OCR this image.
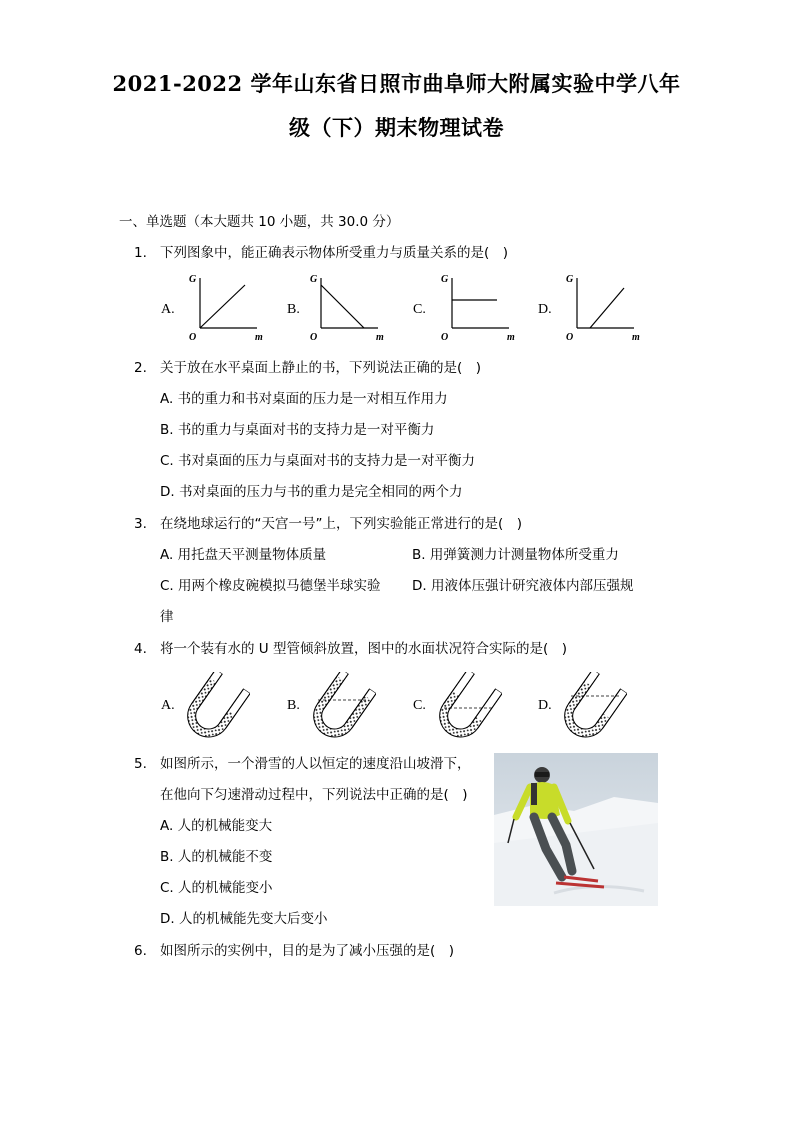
2021-2022 学年山东省日照市曲阜师大附属实验中学八年
级（下）期末物理试卷
一、单选题（本大题共 10 小题，共 30.0 分）
1. 下列图象中，能正确表示物体所受重力与质量关系的是(　)
A.
G
O	m
B.
G
O	m
C.
G
O	m
D.
G
O	m
2. 关于放在水平桌面上静止的书，下列说法正确的是(　)
A. 书的重力和书对桌面的压力是一对相互作用力
B. 书的重力与桌面对书的支持力是一对平衡力
C. 书对桌面的压力与桌面对书的支持力是一对平衡力
D. 书对桌面的压力与书的重力是完全相同的两个力
3. 在绕地球运行的“天宫一号”上，下列实验能正常进行的是(　)
A. 用托盘天平测量物体质量	B. 用弹簧测力计测量物体所受重力
C. 用两个橡皮碗模拟马德堡半球实验 D. 用液体压强计研究液体内部压强规
律
4. 将一个装有水的 U 型管倾斜放置，图中的水面状况符合实际的是(　)
A.	B.	C.	D.
5. 如图所示，一个滑雪的人以恒定的速度沿山坡滑下，
在他向下匀速滑动过程中，下列说法中正确的是(　)
A. 人的机械能变大
B. 人的机械能不变
C. 人的机械能变小
D. 人的机械能先变大后变小
6. 如图所示的实例中，目的是为了减小压强的是(　)
